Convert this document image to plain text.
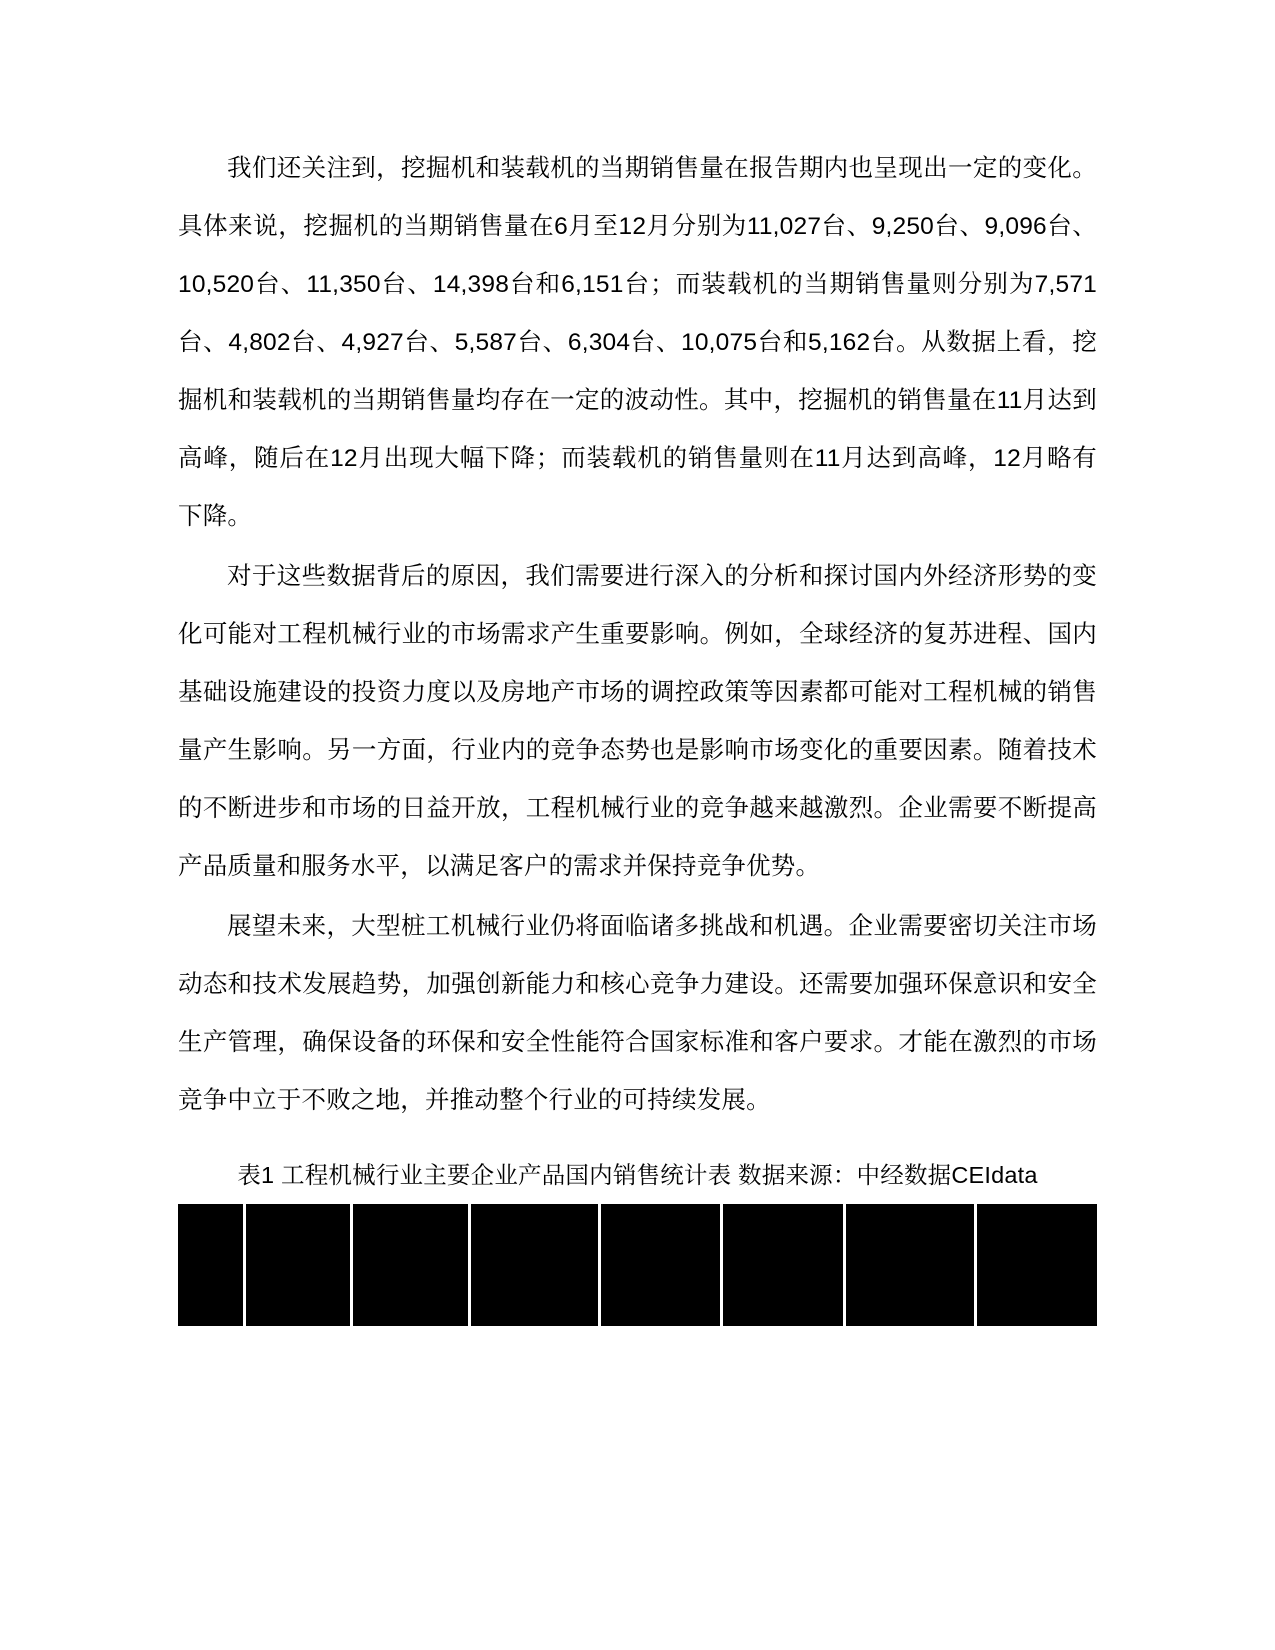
我们还关注到，挖掘机和装载机的当期销售量在报告期内也呈现出一定的变化。具体来说，挖掘机的当期销售量在6月至12月分别为11,027台、9,250台、9,096台、10,520台、11,350台、14,398台和6,151台；而装载机的当期销售量则分别为7,571台、4,802台、4,927台、5,587台、6,304台、10,075台和5,162台。从数据上看，挖掘机和装载机的当期销售量均存在一定的波动性。其中，挖掘机的销售量在11月达到高峰，随后在12月出现大幅下降；而装载机的销售量则在11月达到高峰，12月略有下降。

对于这些数据背后的原因，我们需要进行深入的分析和探讨国内外经济形势的变化可能对工程机械行业的市场需求产生重要影响。例如，全球经济的复苏进程、国内基础设施建设的投资力度以及房地产市场的调控政策等因素都可能对工程机械的销售量产生影响。另一方面，行业内的竞争态势也是影响市场变化的重要因素。随着技术的不断进步和市场的日益开放，工程机械行业的竞争越来越激烈。企业需要不断提高产品质量和服务水平，以满足客户的需求并保持竞争优势。

展望未来，大型桩工机械行业仍将面临诸多挑战和机遇。企业需要密切关注市场动态和技术发展趋势，加强创新能力和核心竞争力建设。还需要加强环保意识和安全生产管理，确保设备的环保和安全性能符合国家标准和客户要求。才能在激烈的市场竞争中立于不败之地，并推动整个行业的可持续发展。

表1 工程机械行业主要企业产品国内销售统计表 数据来源：中经数据CEIdata
